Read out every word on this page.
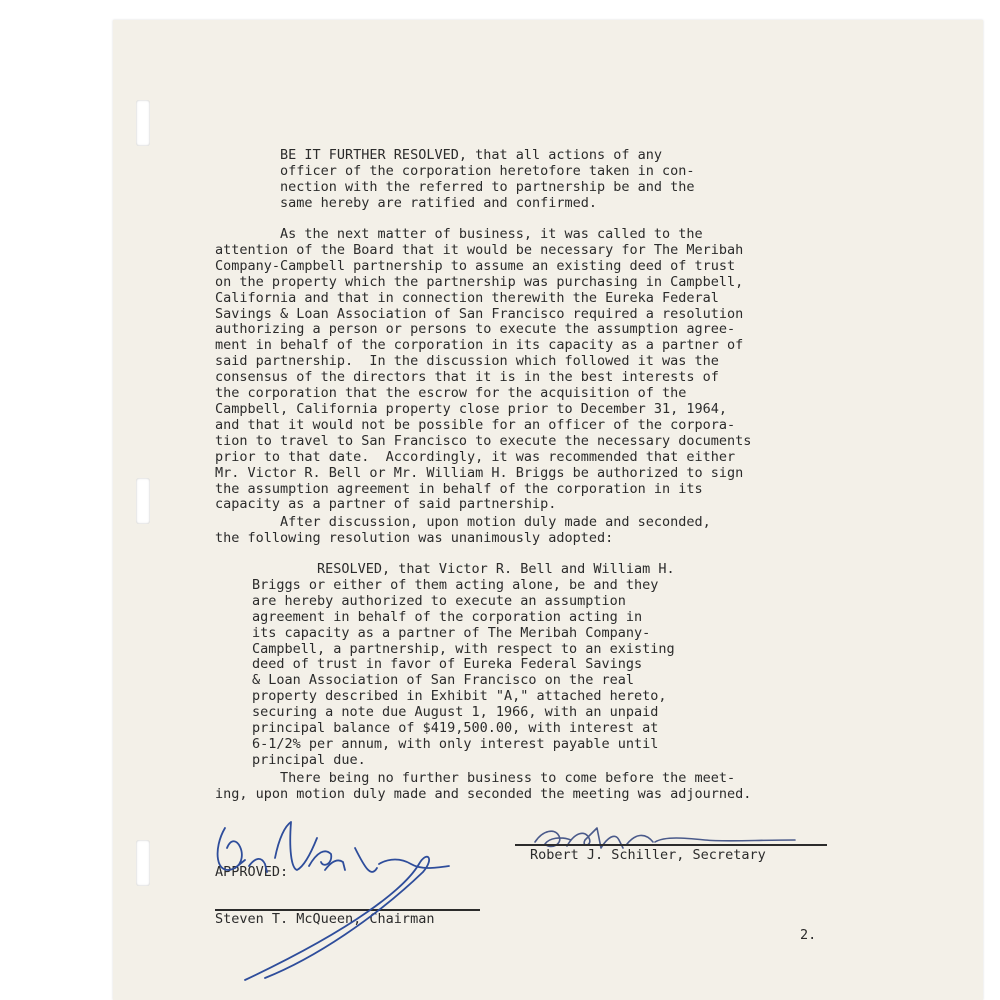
BE IT FURTHER RESOLVED, that all actions of any
officer of the corporation heretofore taken in con-
nection with the referred to partnership be and the
same hereby are ratified and confirmed.
As the next matter of business, it was called to the
attention of the Board that it would be necessary for The Meribah
Company-Campbell partnership to assume an existing deed of trust
on the property which the partnership was purchasing in Campbell,
California and that in connection therewith the Eureka Federal
Savings & Loan Association of San Francisco required a resolution
authorizing a person or persons to execute the assumption agree-
ment in behalf of the corporation in its capacity as a partner of
said partnership.  In the discussion which followed it was the
consensus of the directors that it is in the best interests of
the corporation that the escrow for the acquisition of the
Campbell, California property close prior to December 31, 1964,
and that it would not be possible for an officer of the corpora-
tion to travel to San Francisco to execute the necessary documents
prior to that date.  Accordingly, it was recommended that either
Mr. Victor R. Bell or Mr. William H. Briggs be authorized to sign
the assumption agreement in behalf of the corporation in its
capacity as a partner of said partnership.
After discussion, upon motion duly made and seconded,
the following resolution was unanimously adopted:
RESOLVED, that Victor R. Bell and William H.
Briggs or either of them acting alone, be and they
are hereby authorized to execute an assumption
agreement in behalf of the corporation acting in
its capacity as a partner of The Meribah Company-
Campbell, a partnership, with respect to an existing
deed of trust in favor of Eureka Federal Savings
& Loan Association of San Francisco on the real
property described in Exhibit "A," attached hereto,
securing a note due August 1, 1966, with an unpaid
principal balance of $419,500.00, with interest at
6-1/2% per annum, with only interest payable until
principal due.
There being no further business to come before the meet-
ing, upon motion duly made and seconded the meeting was adjourned.
Robert J. Schiller, Secretary
APPROVED:
Steven T. McQueen, Chairman
2.
